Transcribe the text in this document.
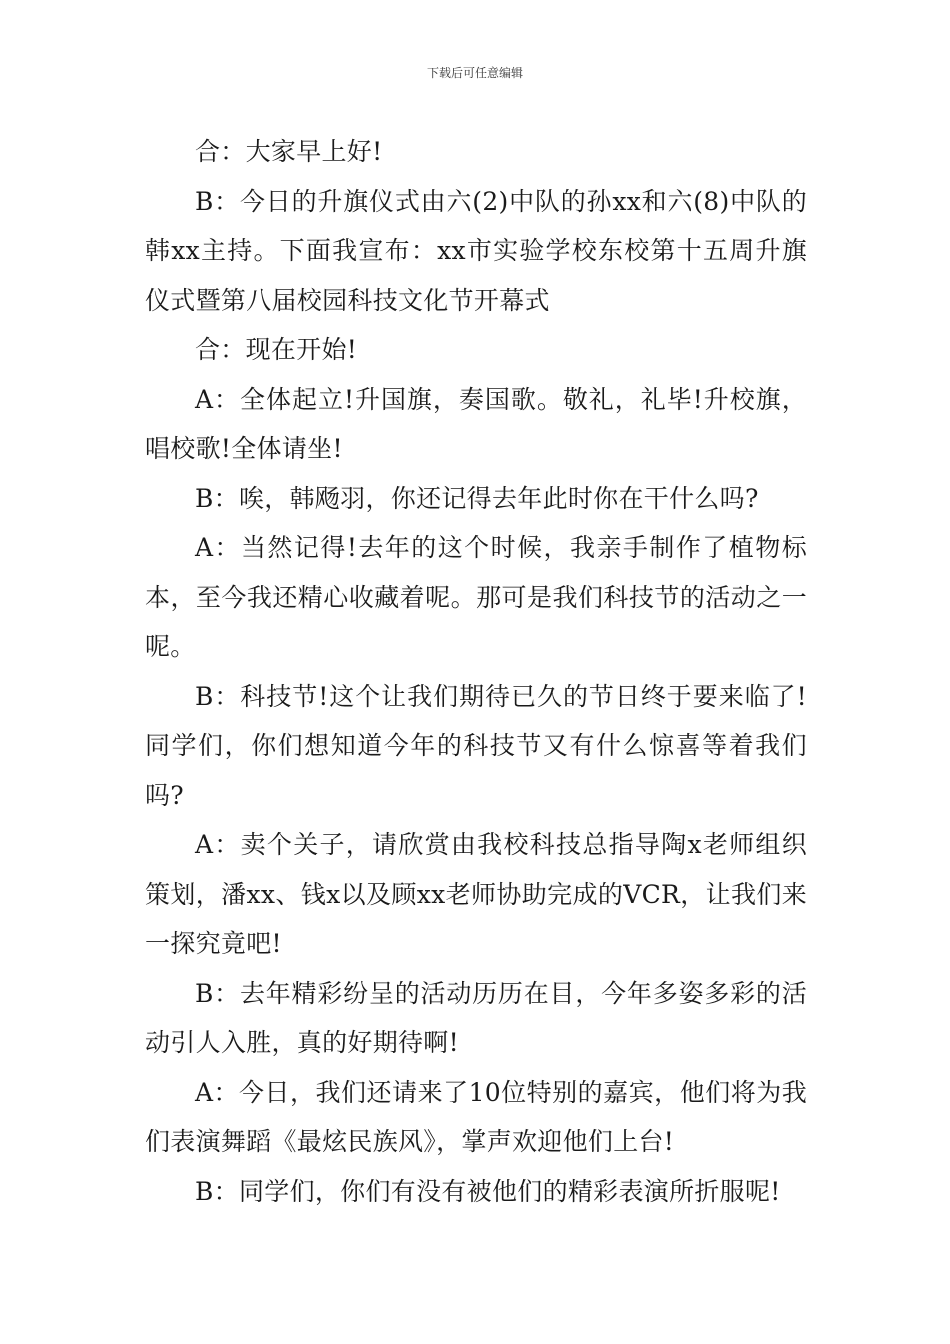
下载后可任意编辑

合：大家早上好!

B：今日的升旗仪式由六(2)中队的孙xx和六(8)中队的韩xx主持。下面我宣布：xx市实验学校东校第十五周升旗仪式暨第八届校园科技文化节开幕式

合：现在开始!

A：全体起立!升国旗，奏国歌。敬礼，礼毕!升校旗，唱校歌!全体请坐!

B：唉，韩飏羽，你还记得去年此时你在干什么吗?

A：当然记得!去年的这个时候，我亲手制作了植物标本，至今我还精心收藏着呢。那可是我们科技节的活动之一呢。

B：科技节!这个让我们期待已久的节日终于要来临了!同学们，你们想知道今年的科技节又有什么惊喜等着我们吗?

A：卖个关子，请欣赏由我校科技总指导陶x老师组织策划，潘xx、钱x以及顾xx老师协助完成的VCR，让我们来一探究竟吧!

B：去年精彩纷呈的活动历历在目，今年多姿多彩的活动引人入胜，真的好期待啊!

A：今日，我们还请来了10位特别的嘉宾，他们将为我们表演舞蹈《最炫民族风》，掌声欢迎他们上台!

B：同学们，你们有没有被他们的精彩表演所折服呢!
